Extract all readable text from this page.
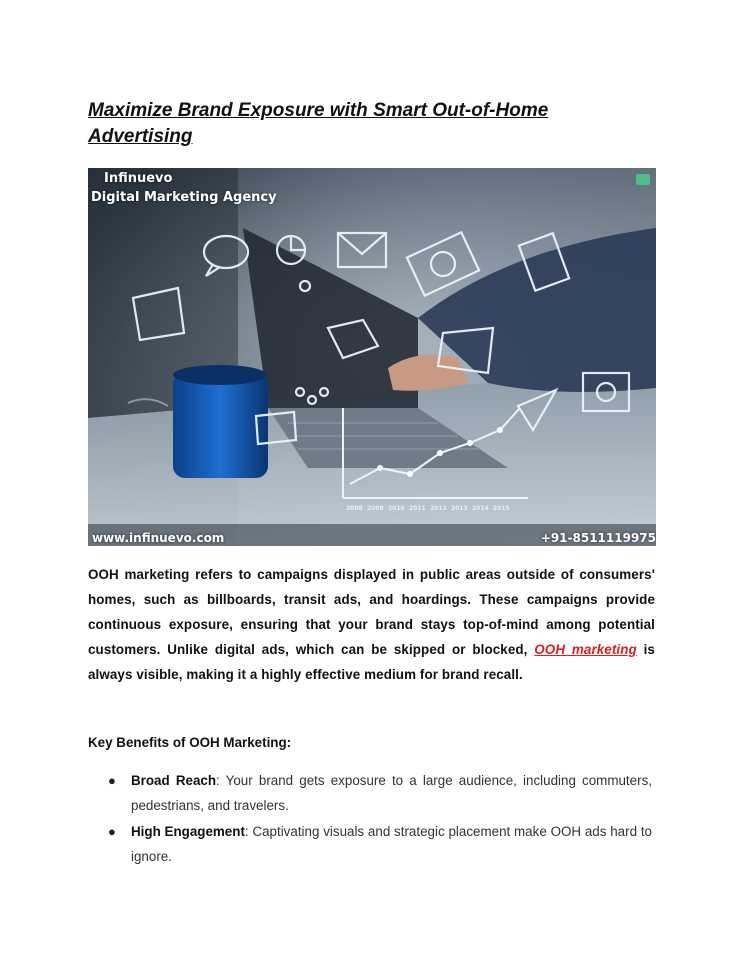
Maximize Brand Exposure with Smart Out-of-Home Advertising
2008 2009 2010 2011 2012 2013 2014 2015
Infinuevo
Digital Marketing Agency
www.infinuevo.com	+91-8511119975
OOH marketing refers to campaigns displayed in public areas outside of consumers' homes, such as billboards, transit ads, and hoardings. These campaigns provide continuous exposure, ensuring that your brand stays top-of-mind among potential customers. Unlike digital ads, which can be skipped or blocked, OOH marketing is always visible, making it a highly effective medium for brand recall.
Key Benefits of OOH Marketing:
● Broad Reach: Your brand gets exposure to a large audience, including commuters, pedestrians, and travelers.
● High Engagement: Captivating visuals and strategic placement make OOH ads hard to ignore.
